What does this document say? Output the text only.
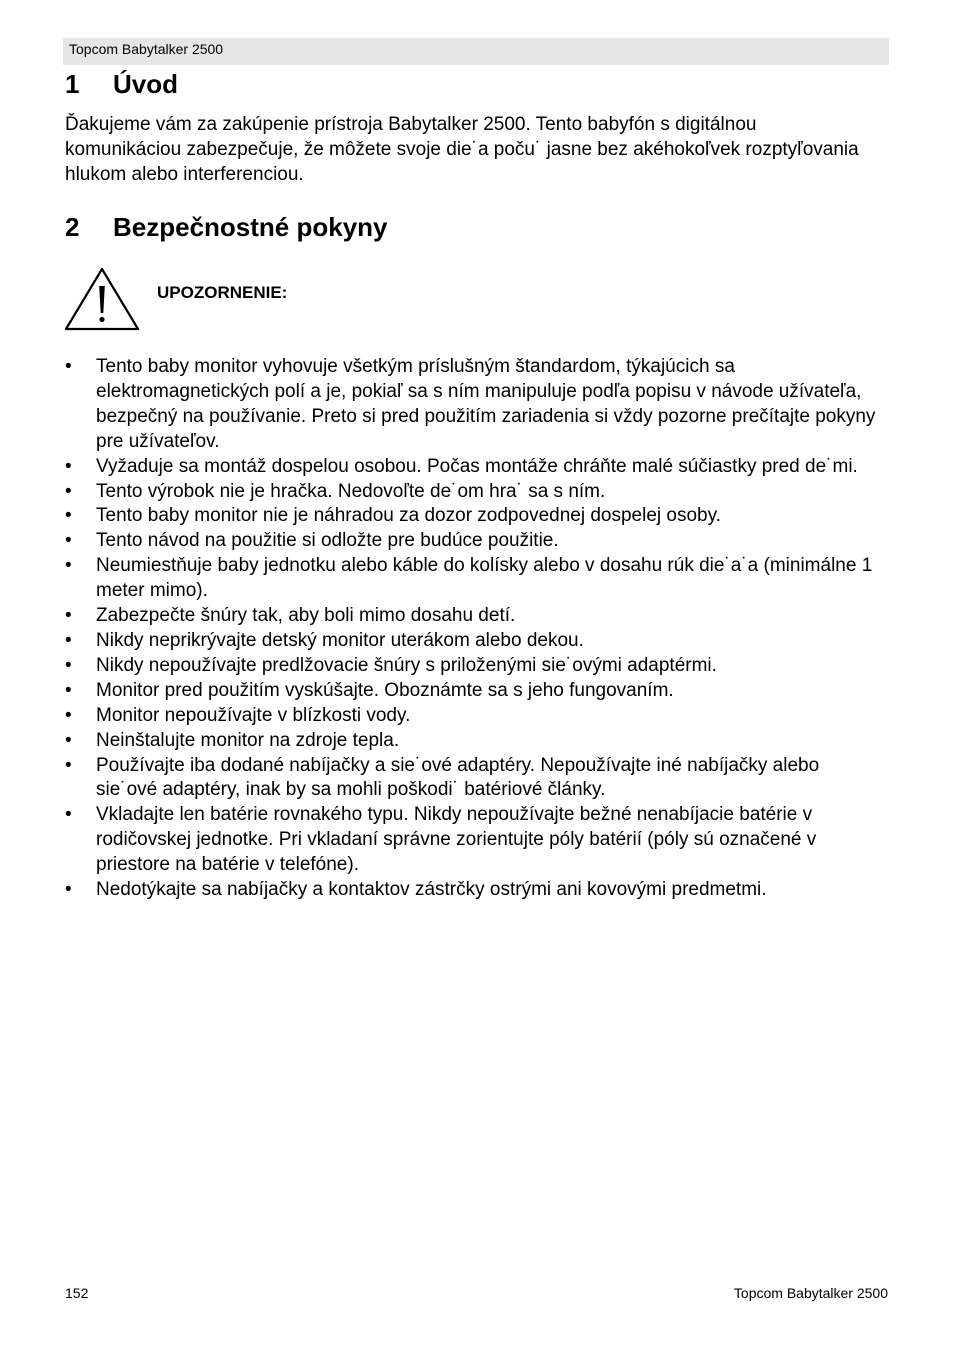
Topcom Babytalker 2500
1	Úvod

Ďakujeme vám za zakúpenie prístroja Babytalker 2500. Tento babyfón s digitálnou komunikáciou zabezpečuje, že môžete svoje die˙a poču˙ jasne bez akéhokoľvek rozptyľovania hlukom alebo interferenciou.

2	Bezpečnostné pokyny
UPOZORNENIE:
• Tento baby monitor vyhovuje všetkým príslušným štandardom, týkajúcich sa elektromagnetických polí a je, pokiaľ sa s ním manipuluje podľa popisu v návode užívateľa, bezpečný na používanie. Preto si pred použitím zariadenia si vždy pozorne prečítajte pokyny pre užívateľov.
• Vyžaduje sa montáž dospelou osobou. Počas montáže chráňte malé súčiastky pred de˙mi.
• Tento výrobok nie je hračka. Nedovoľte de˙om hra˙ sa s ním.
• Tento baby monitor nie je náhradou za dozor zodpovednej dospelej osoby.
• Tento návod na použitie si odložte pre budúce použitie.
• Neumiestňuje baby jednotku alebo káble do kolísky alebo v dosahu rúk die˙a˙a (minimálne 1 meter mimo).
• Zabezpečte šnúry tak, aby boli mimo dosahu detí.
• Nikdy neprikrývajte detský monitor uterákom alebo dekou.
• Nikdy nepoužívajte predlžovacie šnúry s priloženými sie˙ovými adaptérmi.
• Monitor pred použitím vyskúšajte. Oboznámte sa s jeho fungovaním.
• Monitor nepoužívajte v blízkosti vody.
• Neinštalujte monitor na zdroje tepla.
• Používajte iba dodané nabíjačky a sie˙ové adaptéry. Nepoužívajte iné nabíjačky alebo sie˙ové adaptéry, inak by sa mohli poškodi˙ batériové články.
• Vkladajte len batérie rovnakého typu. Nikdy nepoužívajte bežné nenabíjacie batérie v rodičovskej jednotke. Pri vkladaní správne zorientujte póly batérií (póly sú označené v priestore na batérie v telefóne).
• Nedotýkajte sa nabíjačky a kontaktov zástrčky ostrými ani kovovými predmetmi.
152	Topcom Babytalker 2500
